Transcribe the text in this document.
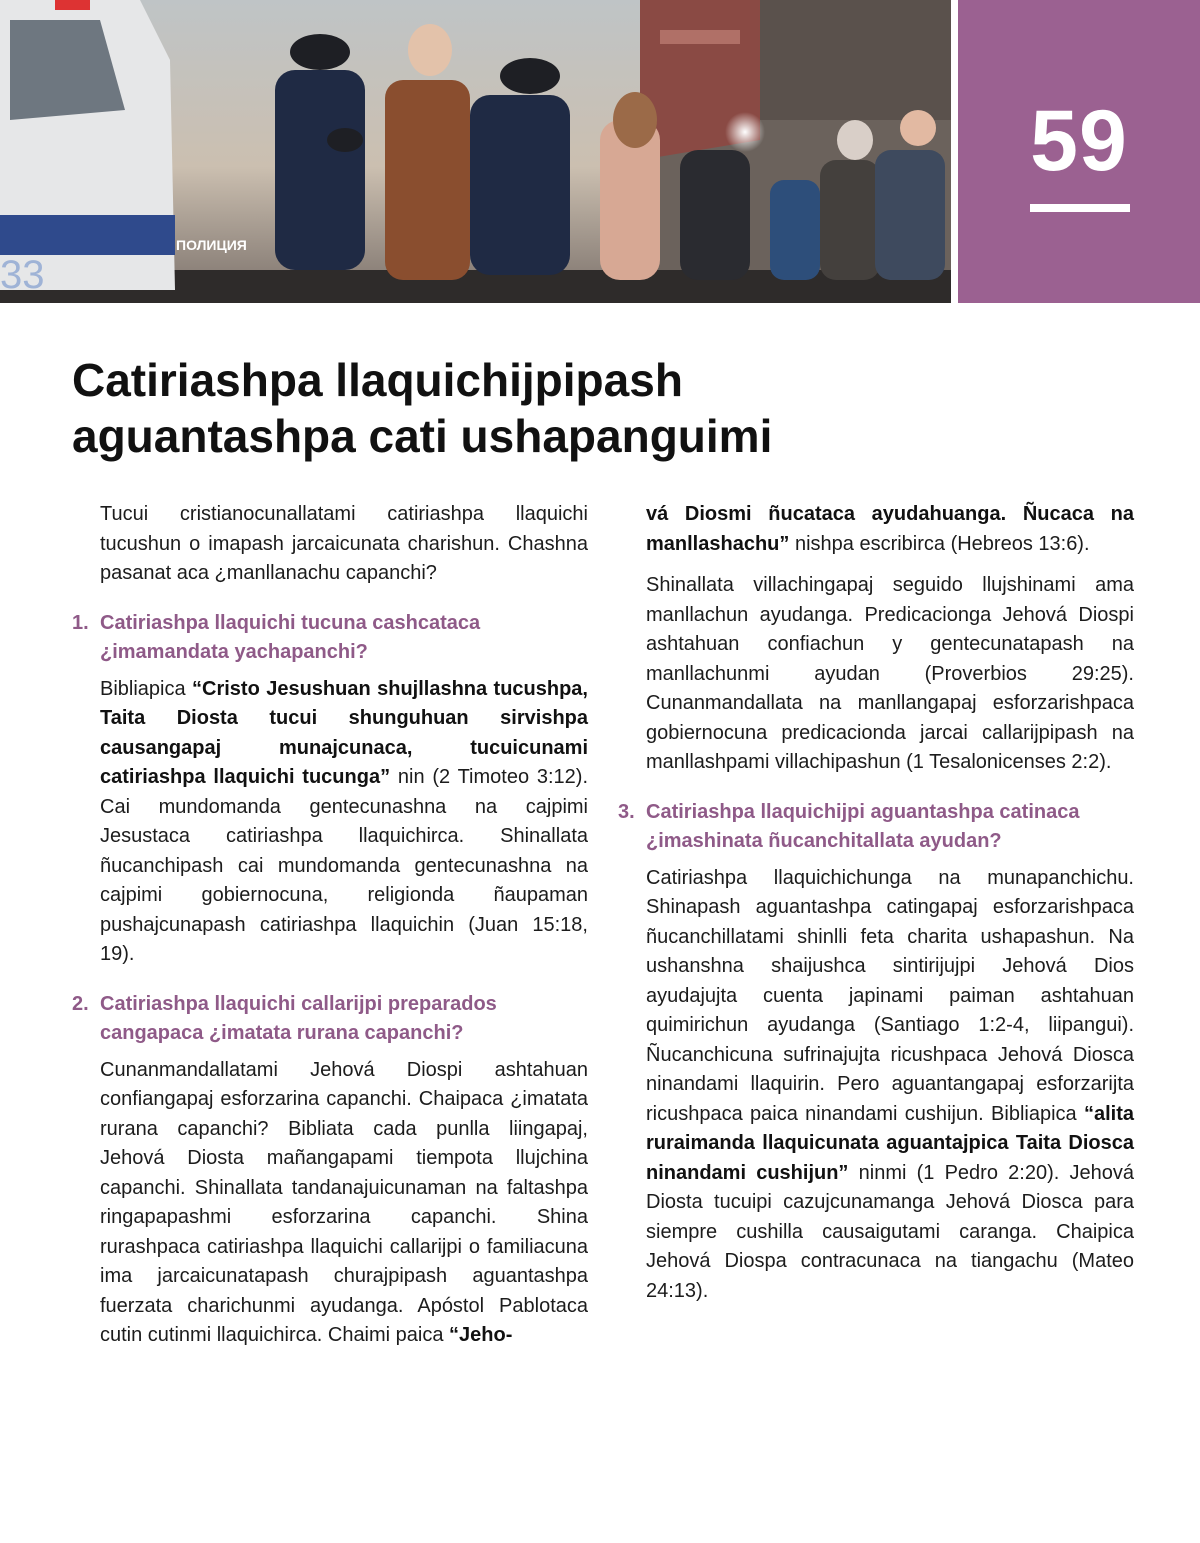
ПОЛИЦИЯ
33
59
Catiriashpa llaquichijpipash
aguantashpa cati ushapanguimi

Tucui cristianocunallatami catiriashpa llaquichi tucushun o imapash jarcaicunata charishun. Chashna pasanat aca ¿manllanachu capanchi?

1. Catiriashpa llaquichi tucuna cashcataca ¿imamandata yachapanchi?

Bibliapica “Cristo Jesushuan shujllashna tucushpa, Taita Diosta tucui shunguhuan sirvishpa causangapaj munajcunaca, tucuicunami catiriashpa llaquichi tucunga” nin (2 Timoteo 3:12). Cai mundomanda gentecunashna na cajpimi Jesustaca catiriashpa llaquichirca. Shinallata ñucanchipash cai mundomanda gentecunashna na cajpimi gobiernocuna, religionda ñaupaman pushajcunapash catiriashpa llaquichin (Juan 15:18, 19).

2. Catiriashpa llaquichi callarijpi preparados cangapaca ¿imatata rurana capanchi?

Cunanmandallatami Jehová Diospi ashtahuan confiangapaj esforzarina capanchi. Chaipaca ¿imatata rurana capanchi? Bibliata cada punlla liingapaj, Jehová Diosta mañangapami tiempota llujchina capanchi. Shinallata tandanajuicunaman na faltashpa ringapapashmi esforzarina capanchi. Shina rurashpaca catiriashpa llaquichi callarijpi o familiacuna ima jarcaicunatapash churajpipash aguantashpa fuerzata charichunmi ayudanga. Apóstol Pablotaca cutin cutinmi llaquichirca. Chaimi paica “Jeho-

vá Diosmi ñucataca ayudahuanga. Ñucaca na manllashachu” nishpa escribirca (Hebreos 13:6).

Shinallata villachingapaj seguido llujshinami ama manllachun ayudanga. Predicacionga Jehová Diospi ashtahuan confiachun y gentecunatapash na manllachunmi ayudan (Proverbios 29:25). Cunanmandallata na manllangapaj esforzarishpaca gobiernocuna predicacionda jarcai callarijpipash na manllashpami villachipashun (1 Tesalonicenses 2:2).

3. Catiriashpa llaquichijpi aguantashpa catinaca ¿imashinata ñucanchitallata ayudan?

Catiriashpa llaquichichunga na munapanchichu. Shinapash aguantashpa catingapaj esforzarishpaca ñucanchillatami shinlli feta charita ushapashun. Na ushanshna shaijushca sintirijujpi Jehová Dios ayudajujta cuenta japinami paiman ashtahuan quimirichun ayudanga (Santiago 1:2-4, liipangui). Ñucanchicuna sufrinajujta ricushpaca Jehová Diosca ninandami llaquirin. Pero aguantangapaj esforzarijta ricushpaca paica ninandami cushijun. Bibliapica “alita ruraimanda llaquicunata aguantajpica Taita Diosca ninandami cushijun” ninmi (1 Pedro 2:20). Jehová Diosta tucuipi cazujcunamanga Jehová Diosca para siempre cushilla causaigutami caranga. Chaipica Jehová Diospa contracunaca na tiangachu (Mateo 24:13).
